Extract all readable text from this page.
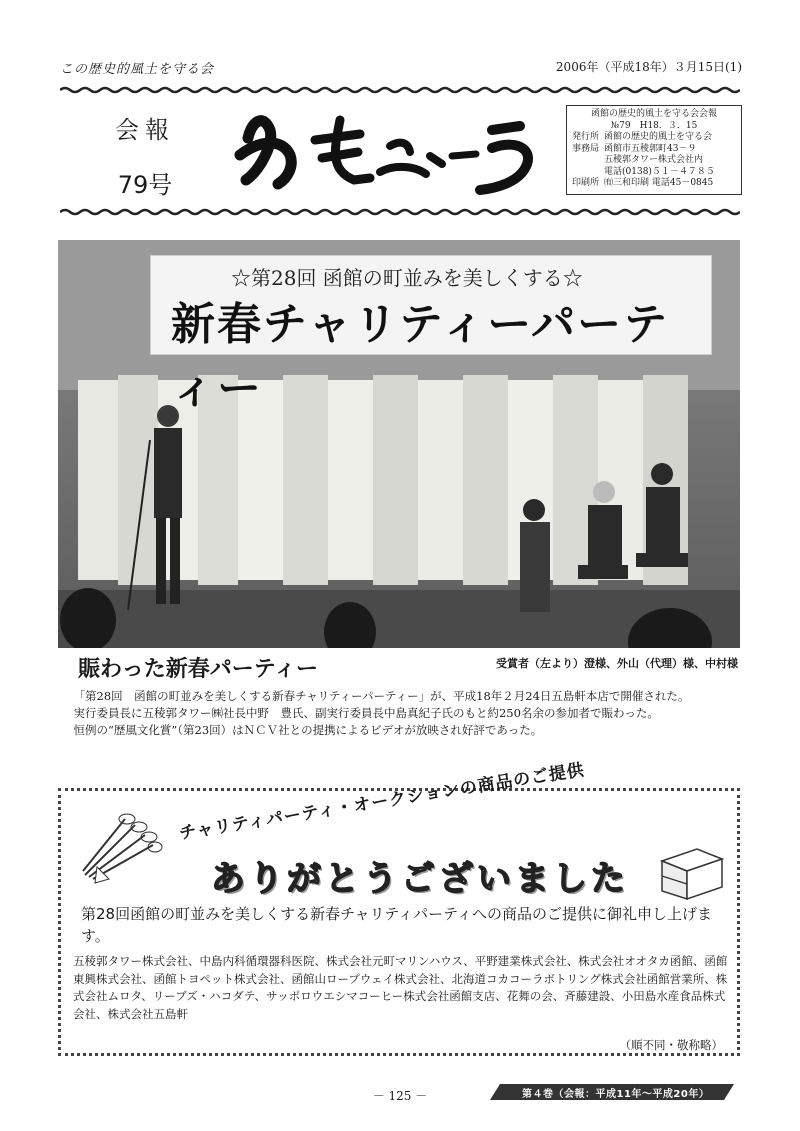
この歴史的風土を守る会	2006年（平成18年）３月15日(1)
会報
79号
函館の歴史的風土を守る会会報
№79　H18．３．15
発行所 函館の歴史的風土を守る会
事務局 函館市五稜郭町43－９
五稜郭タワー株式会社内
電話(0138)５１－４７８５
印刷所 ㈲三和印刷 電話45－0845
☆第28回 函館の町並みを美しくする☆
新春チャリティーパーティー
賑わった新春パーティー	受賞者（左より）澄様、外山（代理）様、中村様

「第28回　函館の町並みを美しくする新春チャリティーパーティー」が、平成18年２月24日五島軒本店で開催された。

実行委員長に五稜郭タワー㈱社長中野　豊氏、副実行委員長中島真紀子氏のもと約250名余の参加者で賑わった。

恒例の“歴風文化賞”（第23回）はＮＣＶ社との提携によるビデオが放映され好評であった。

チャリティパーティ・オークションの商品のご提供
ありがとうございました
第28回函館の町並みを美しくする新春チャリティパーティへの商品のご提供に御礼申し上げます。
五稜郭タワー株式会社、中島内科循環器科医院、株式会社元町マリンハウス、平野建業株式会社、株式会社オオタカ函館、函館東興株式会社、函館トヨペット株式会社、函館山ロープウェイ株式会社、北海道コカコーラボトリング株式会社函館営業所、株式会社ムロタ、リーブズ・ハコダテ、サッポロウエシマコーヒー株式会社函館支店、花舞の会、斉藤建設、小田島水産食品株式会社、株式会社五島軒
（順不同・敬称略）
－ 125 －	第４巻（会報：平成11年～平成20年）
